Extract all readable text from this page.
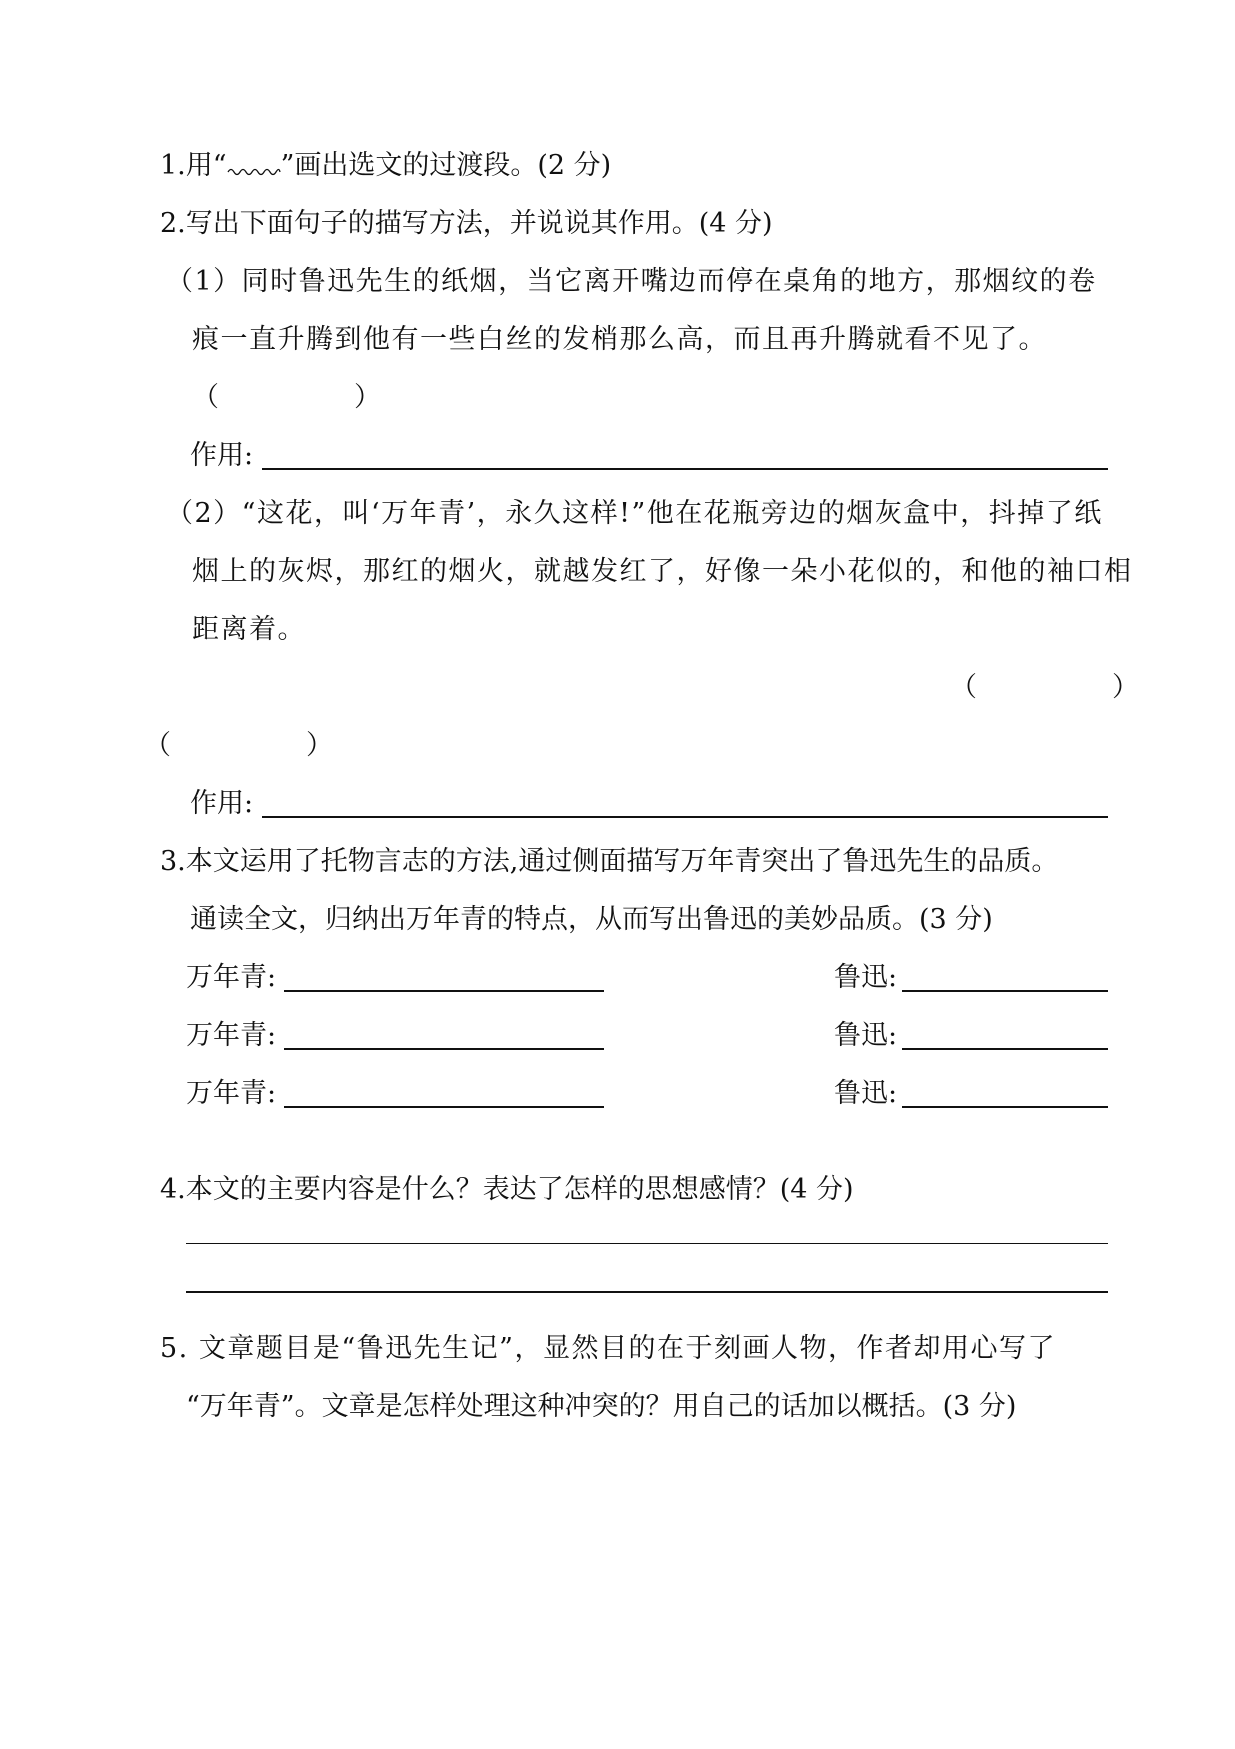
1.用“ ”画出选文的过渡段。(2 分)
2.写出下面句子的描写方法，并说说其作用。(4 分)
（1）同时鲁迅先生的纸烟，当它离开嘴边而停在桌角的地方，那烟纹的卷
痕一直升腾到他有一些白丝的发梢那么高，而且再升腾就看不见了。
（　　　　　）
作用:
（2）“这花，叫‘万年青’，永久这样!”他在花瓶旁边的烟灰盒中，抖掉了纸
烟上的灰烬，那红的烟火，就越发红了，好像一朵小花似的，和他的袖口相
距离着。
（　　　　　）
（　　　　　）
作用:
3.本文运用了托物言志的方法,通过侧面描写万年青突出了鲁迅先生的品质。
通读全文，归纳出万年青的特点，从而写出鲁迅的美妙品质。(3 分)
万年青:	鲁迅:
万年青:	鲁迅:
万年青:	鲁迅:
4.本文的主要内容是什么？表达了怎样的思想感情？(4 分)
5. 文章题目是“鲁迅先生记”，显然目的在于刻画人物，作者却用心写了
“万年青”。文章是怎样处理这种冲突的？用自己的话加以概括。(3 分)
